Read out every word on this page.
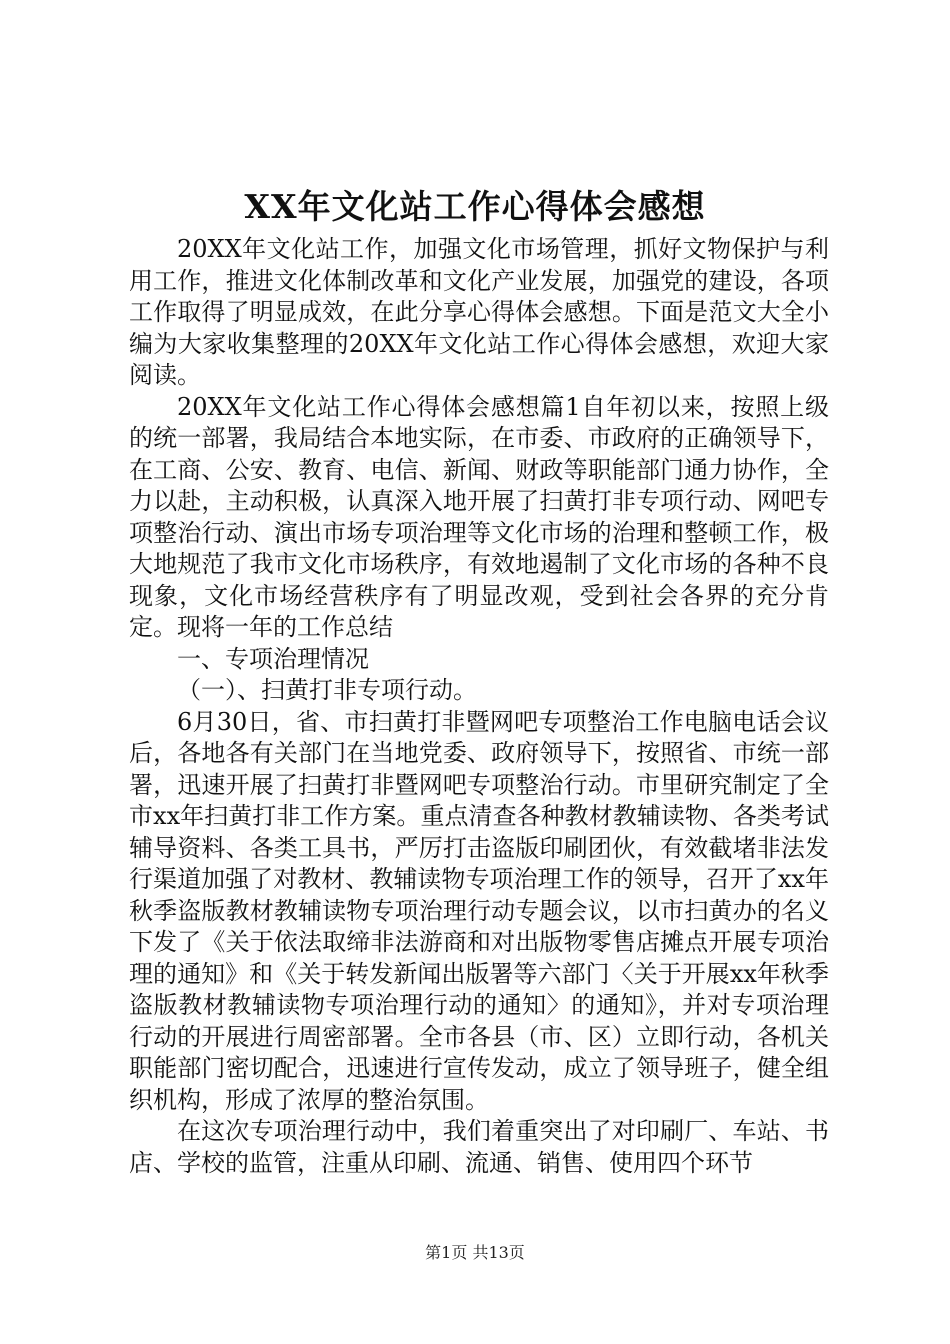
XX年文化站工作心得体会感想

20XX年文化站工作，加强文化市场管理，抓好文物保护与利用工作，推进文化体制改革和文化产业发展，加强党的建设，各项工作取得了明显成效，在此分享心得体会感想。下面是范文大全小编为大家收集整理的20XX年文化站工作心得体会感想，欢迎大家阅读。

20XX年文化站工作心得体会感想篇1自年初以来，按照上级的统一部署，我局结合本地实际，在市委、市政府的正确领导下，在工商、公安、教育、电信、新闻、财政等职能部门通力协作，全力以赴，主动积极，认真深入地开展了扫黄打非专项行动、网吧专项整治行动、演出市场专项治理等文化市场的治理和整顿工作，极大地规范了我市文化市场秩序，有效地遏制了文化市场的各种不良现象，文化市场经营秩序有了明显改观，受到社会各界的充分肯定。现将一年的工作总结

一、专项治理情况

（一）、扫黄打非专项行动。

6月30日，省、市扫黄打非暨网吧专项整治工作电脑电话会议后，各地各有关部门在当地党委、政府领导下，按照省、市统一部署，迅速开展了扫黄打非暨网吧专项整治行动。市里研究制定了全市xx年扫黄打非工作方案。重点清查各种教材教辅读物、各类考试辅导资料、各类工具书，严厉打击盗版印刷团伙，有效截堵非法发行渠道加强了对教材、教辅读物专项治理工作的领导，召开了xx年秋季盗版教材教辅读物专项治理行动专题会议，以市扫黄办的名义下发了《关于依法取缔非法游商和对出版物零售店摊点开展专项治理的通知》和《关于转发新闻出版署等六部门〈关于开展xx年秋季盗版教材教辅读物专项治理行动的通知〉的通知》，并对专项治理行动的开展进行周密部署。全市各县（市、区）立即行动，各机关职能部门密切配合，迅速进行宣传发动，成立了领导班子，健全组织机构，形成了浓厚的整治氛围。

在这次专项治理行动中，我们着重突出了对印刷厂、车站、书店、学校的监管，注重从印刷、流通、销售、使用四个环节

第1页 共13页
